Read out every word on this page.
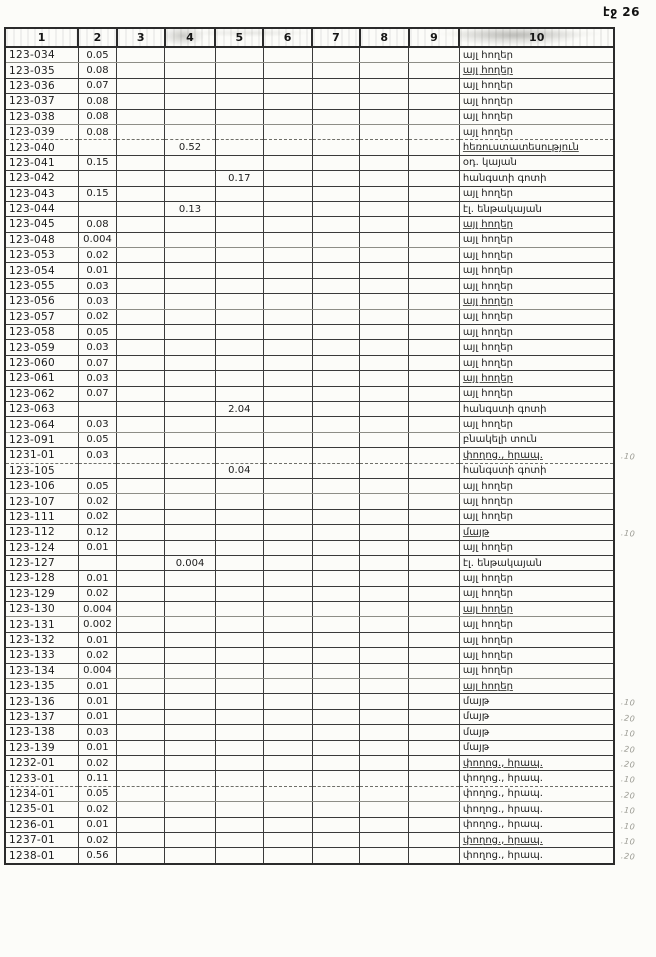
էջ 26
1	2	3	4	5	6	7	8	9	10
123-034	0.05								այլ հողեր
123-035	0.08								այլ հողեր
123-036	0.07								այլ հողեր
123-037	0.08								այլ հողեր
123-038	0.08								այլ հողեր
123-039	0.08								այլ հողեր
123-040			0.52						հեռուստատեսություն
123-041	0.15								օդ. կայան
123-042				0.17					հանգստի գոտի
123-043	0.15								այլ հողեր
123-044			0.13						էլ. ենթակայան
123-045	0.08								այլ հողեր
123-048	0.004								այլ հողեր
123-053	0.02								այլ հողեր
123-054	0.01								այլ հողեր
123-055	0.03								այլ հողեր
123-056	0.03								այլ հողեր
123-057	0.02								այլ հողեր
123-058	0.05								այլ հողեր
123-059	0.03								այլ հողեր
123-060	0.07								այլ հողեր
123-061	0.03								այլ հողեր
123-062	0.07								այլ հողեր
123-063				2.04					հանգստի գոտի
123-064	0.03								այլ հողեր
123-091	0.05								բնակելի տուն
1231-01	0.03								փողոց., հրապ. .10

123-105				0.04					հանգստի գոտի
123-106	0.05								այլ հողեր
123-107	0.02								այլ հողեր
123-111	0.02								այլ հողեր
123-112	0.12								մայթ .10

123-124	0.01								այլ հողեր
123-127			0.004						էլ. ենթակայան
123-128	0.01								այլ հողեր
123-129	0.02								այլ հողեր
123-130	0.004								այլ հողեր
123-131	0.002								այլ հողեր
123-132	0.01								այլ հողեր
123-133	0.02								այլ հողեր
123-134	0.004								այլ հողեր
123-135	0.01								այլ հողեր
123-136	0.01								մայթ .10

123-137	0.01								մայթ .20

123-138	0.03								մայթ .10

123-139	0.01								մայթ .20

1232-01	0.02								փողոց., հրապ. .20

1233-01	0.11								փողոց., հրապ. .10

1234-01	0.05								փողոց., հրապ. .20

1235-01	0.02								փողոց., հրապ. .10

1236-01	0.01								փողոց., հրապ. .10

1237-01	0.02								փողոց., հրապ. .10

1238-01	0.56								փողոց., հրապ. .20
